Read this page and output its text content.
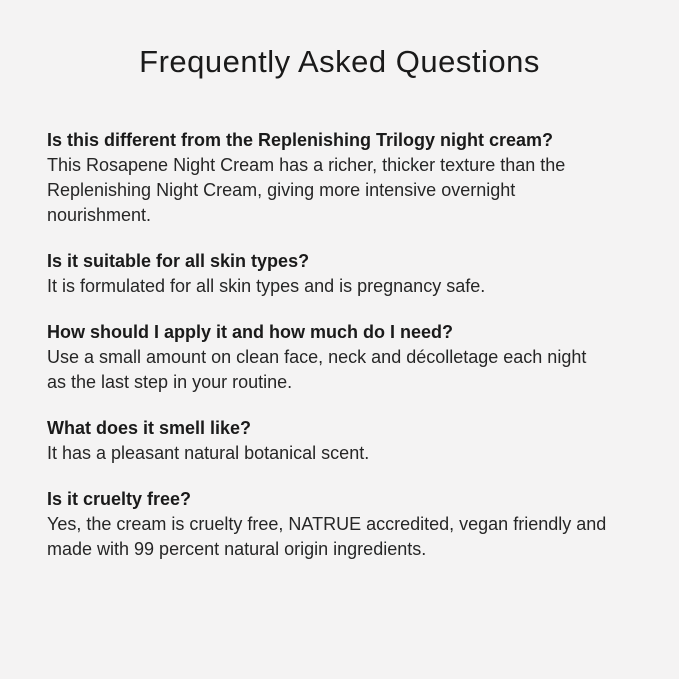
Frequently Asked Questions

Is this different from the Replenishing Trilogy night cream?

This Rosapene Night Cream has a richer, thicker texture than the Replenishing Night Cream, giving more intensive overnight nourishment.

Is it suitable for all skin types?

It is formulated for all skin types and is pregnancy safe.

How should I apply it and how much do I need?

Use a small amount on clean face, neck and décolletage each night as the last step in your routine.

What does it smell like?

It has a pleasant natural botanical scent.

Is it cruelty free?

Yes, the cream is cruelty free, NATRUE accredited, vegan friendly and made with 99 percent natural origin ingredients.
